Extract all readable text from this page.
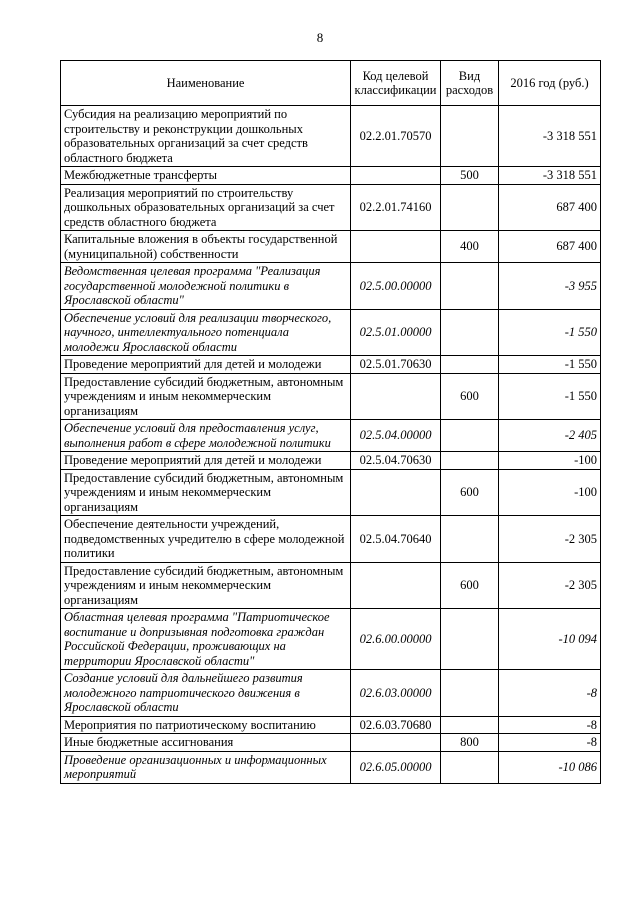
8
Наименование	Код целевой классификации	Вид расходов	2016 год (руб.)
Субсидия на реализацию мероприятий по строительству и реконструкции дошкольных образовательных организаций за счет средств областного бюджета	02.2.01.70570		-3 318 551
Межбюджетные трансферты		500	-3 318 551
Реализация мероприятий по строительству дошкольных образовательных организаций за счет средств областного бюджета	02.2.01.74160		687 400
Капитальные вложения в объекты государственной (муниципальной) собственности		400	687 400
Ведомственная целевая программа "Реализация государственной молодежной политики в Ярославской области"	02.5.00.00000		-3 955
Обеспечение условий для реализации творческого, научного, интеллектуального потенциала молодежи Ярославской области	02.5.01.00000		-1 550
Проведение мероприятий для детей и молодежи	02.5.01.70630		-1 550
Предоставление субсидий бюджетным, автономным учреждениям и иным некоммерческим организациям		600	-1 550
Обеспечение условий для предоставления услуг, выполнения работ в сфере молодежной политики	02.5.04.00000		-2 405
Проведение мероприятий для детей и молодежи	02.5.04.70630		-100
Предоставление субсидий бюджетным, автономным учреждениям и иным некоммерческим организациям		600	-100
Обеспечение деятельности учреждений, подведомственных учредителю в сфере молодежной политики	02.5.04.70640		-2 305
Предоставление субсидий бюджетным, автономным учреждениям и иным некоммерческим организациям		600	-2 305
Областная целевая программа "Патриотическое воспитание и допризывная подготовка граждан Российской Федерации, проживающих на территории Ярославской области"	02.6.00.00000		-10 094
Создание условий для дальнейшего развития молодежного патриотического движения в Ярославской области	02.6.03.00000		-8
Мероприятия по патриотическому воспитанию	02.6.03.70680		-8
Иные бюджетные ассигнования		800	-8
Проведение организационных и информационных мероприятий	02.6.05.00000		-10 086
